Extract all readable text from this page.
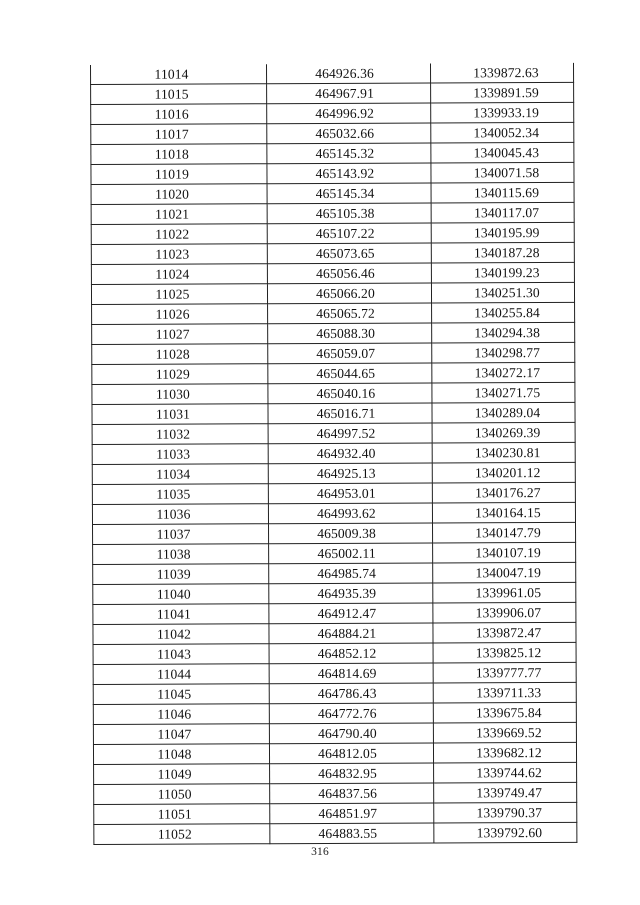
11014	464926.36	1339872.63
11015	464967.91	1339891.59
11016	464996.92	1339933.19
11017	465032.66	1340052.34
11018	465145.32	1340045.43
11019	465143.92	1340071.58
11020	465145.34	1340115.69
11021	465105.38	1340117.07
11022	465107.22	1340195.99
11023	465073.65	1340187.28
11024	465056.46	1340199.23
11025	465066.20	1340251.30
11026	465065.72	1340255.84
11027	465088.30	1340294.38
11028	465059.07	1340298.77
11029	465044.65	1340272.17
11030	465040.16	1340271.75
11031	465016.71	1340289.04
11032	464997.52	1340269.39
11033	464932.40	1340230.81
11034	464925.13	1340201.12
11035	464953.01	1340176.27
11036	464993.62	1340164.15
11037	465009.38	1340147.79
11038	465002.11	1340107.19
11039	464985.74	1340047.19
11040	464935.39	1339961.05
11041	464912.47	1339906.07
11042	464884.21	1339872.47
11043	464852.12	1339825.12
11044	464814.69	1339777.77
11045	464786.43	1339711.33
11046	464772.76	1339675.84
11047	464790.40	1339669.52
11048	464812.05	1339682.12
11049	464832.95	1339744.62
11050	464837.56	1339749.47
11051	464851.97	1339790.37
11052	464883.55	1339792.60
316
